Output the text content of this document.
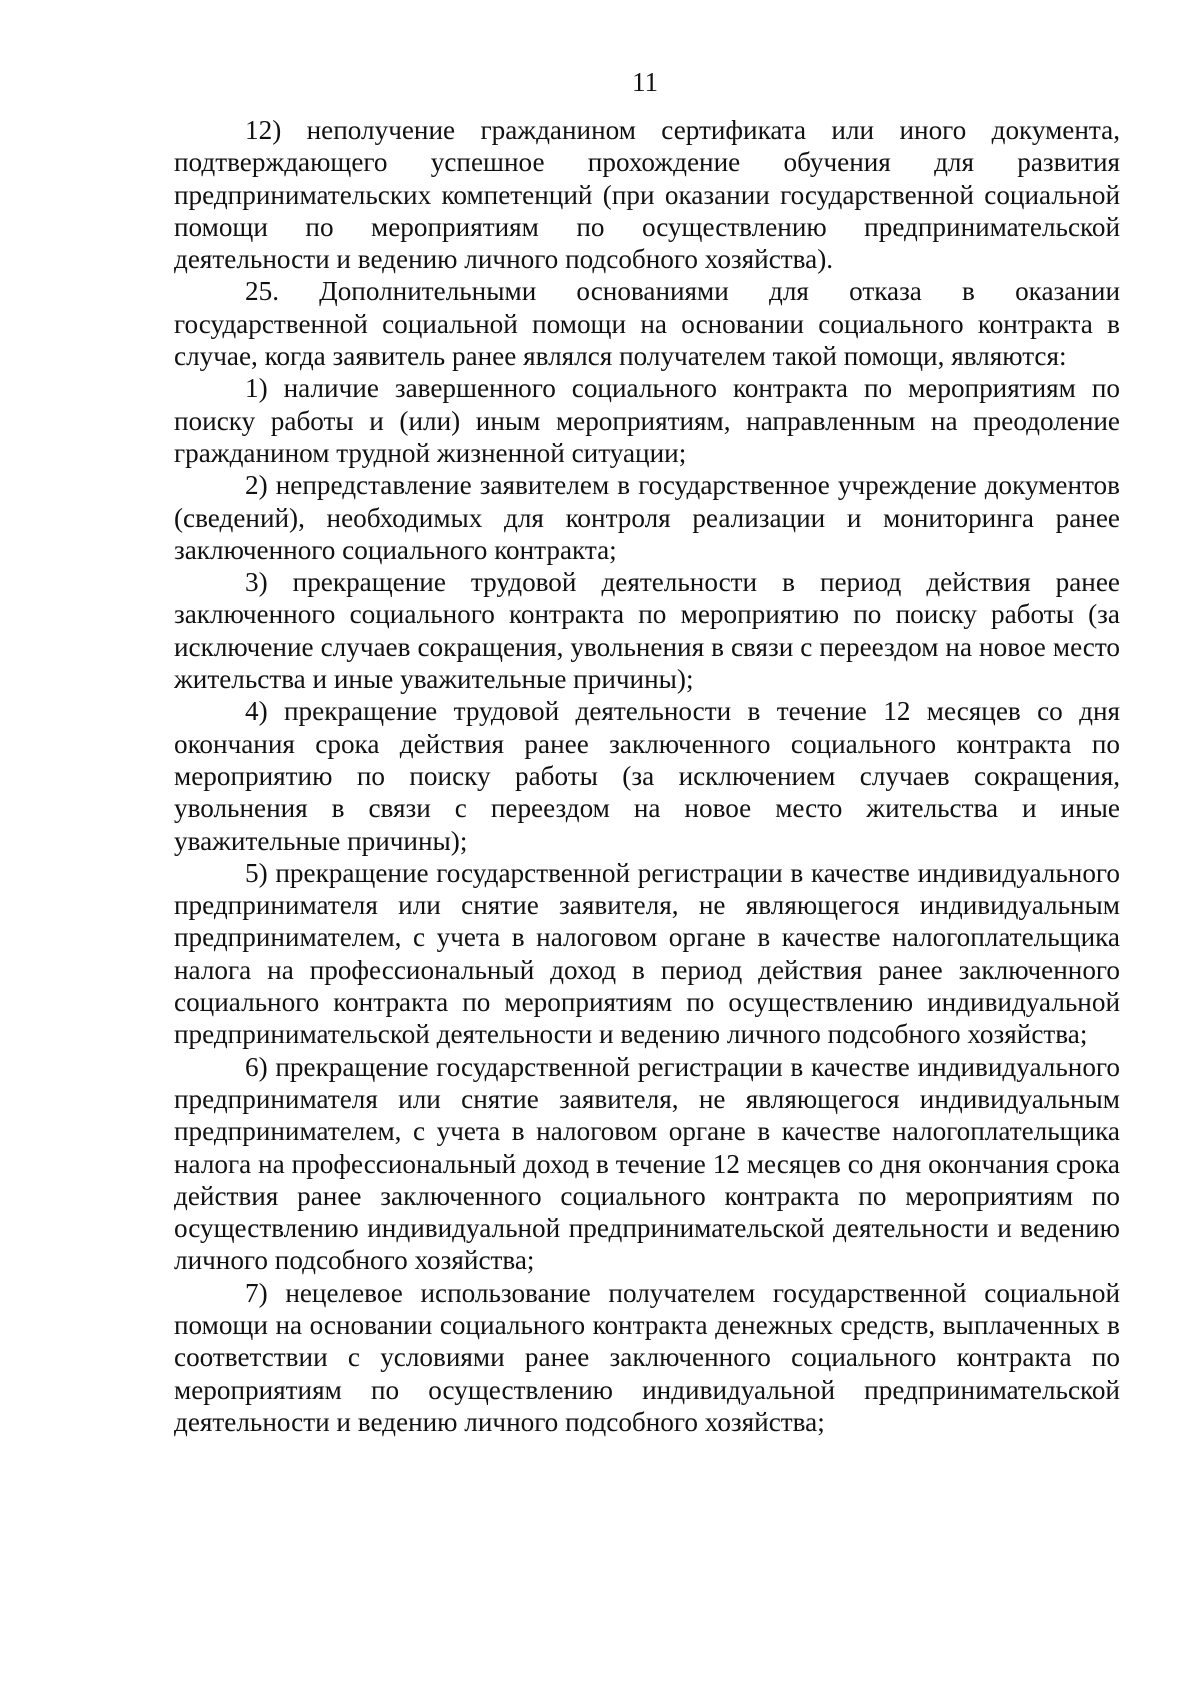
11

12) неполучение гражданином сертификата или иного документа, подтверждающего успешное прохождение обучения для развития предпринимательских компетенций (при оказании государственной социальной помощи по мероприятиям по осуществлению предпринимательской деятельности и ведению личного подсобного хозяйства).

25. Дополнительными основаниями для отказа в оказании государственной социальной помощи на основании социального контракта в случае, когда заявитель ранее являлся получателем такой помощи, являются:

1) наличие завершенного социального контракта по мероприятиям по поиску работы и (или) иным мероприятиям, направленным на преодоление гражданином трудной жизненной ситуации;

2) непредставление заявителем в государственное учреждение документов (сведений), необходимых для контроля реализации и мониторинга ранее заключенного социального контракта;

3) прекращение трудовой деятельности в период действия ранее заключенного социального контракта по мероприятию по поиску работы (за исключение случаев сокращения, увольнения в связи с переездом на новое место жительства и иные уважительные причины);

4) прекращение трудовой деятельности в течение 12 месяцев со дня окончания срока действия ранее заключенного социального контракта по мероприятию по поиску работы (за исключением случаев сокращения, увольнения в связи с переездом на новое место жительства и иные уважительные причины);

5) прекращение государственной регистрации в качестве индивидуального предпринимателя или снятие заявителя, не являющегося индивидуальным предпринимателем, с учета в налоговом органе в качестве налогоплательщика налога на профессиональный доход в период действия ранее заключенного социального контракта по мероприятиям по осуществлению индивидуальной предпринимательской деятельности и ведению личного подсобного хозяйства;

6) прекращение государственной регистрации в качестве индивидуального предпринимателя или снятие заявителя, не являющегося индивидуальным предпринимателем, с учета в налоговом органе в качестве налогоплательщика налога на профессиональный доход в течение 12 месяцев со дня окончания срока действия ранее заключенного социального контракта по мероприятиям по осуществлению индивидуальной предпринимательской деятельности и ведению личного подсобного хозяйства;

7) нецелевое использование получателем государственной социальной помощи на основании социального контракта денежных средств, выплаченных в соответствии с условиями ранее заключенного социального контракта по мероприятиям по осуществлению индивидуальной предпринимательской деятельности и ведению личного подсобного хозяйства;
